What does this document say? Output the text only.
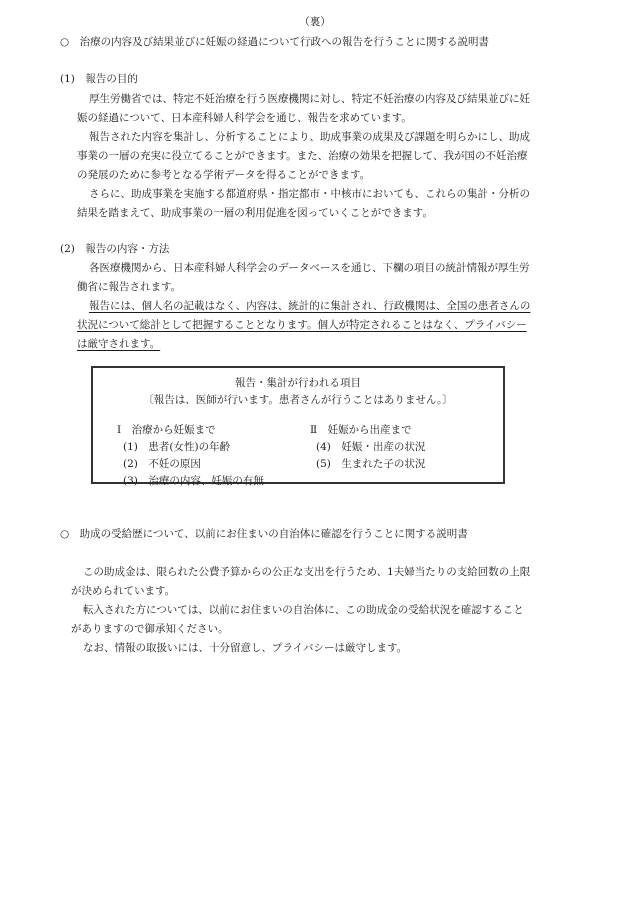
（裏）
○　治療の内容及び結果並びに妊娠の経過について行政への報告を行うことに関する説明書
(1)　報告の目的
厚生労働省では、特定不妊治療を行う医療機関に対し、特定不妊治療の内容及び結果並びに妊
娠の経過について、日本産科婦人科学会を通じ、報告を求めています。
報告された内容を集計し、分析することにより、助成事業の成果及び課題を明らかにし、助成
事業の一層の充実に役立てることができます。また、治療の効果を把握して、我が国の不妊治療
の発展のために参考となる学術データを得ることができます。
さらに、助成事業を実施する都道府県・指定都市・中核市においても、これらの集計・分析の
結果を踏まえて、助成事業の一層の利用促進を図っていくことができます。
(2)　報告の内容・方法
各医療機関から、日本産科婦人科学会のデータベースを通じ、下欄の項目の統計情報が厚生労
働省に報告されます。
報告には、個人名の記載はなく、内容は、統計的に集計され、行政機関は、全国の患者さんの
状況について総計として把握することとなります。個人が特定されることはなく、プライバシー
は厳守されます。
報告・集計が行われる項目
〔報告は、医師が行います。患者さんが行うことはありません。〕
Ⅰ　治療から妊娠まで
(1)　患者(女性)の年齢
(2)　不妊の原因
(3)　治療の内容、妊娠の有無
Ⅱ　妊娠から出産まで
(4)　妊娠・出産の状況
(5)　生まれた子の状況
○　助成の受給歴について、以前にお住まいの自治体に確認を行うことに関する説明書
この助成金は、限られた公費予算からの公正な支出を行うため、1夫婦当たりの支給回数の上限
が決められています。
転入された方については、以前にお住まいの自治体に、この助成金の受給状況を確認すること
がありますので御承知ください。
なお、情報の取扱いには、十分留意し、プライバシーは厳守します。
